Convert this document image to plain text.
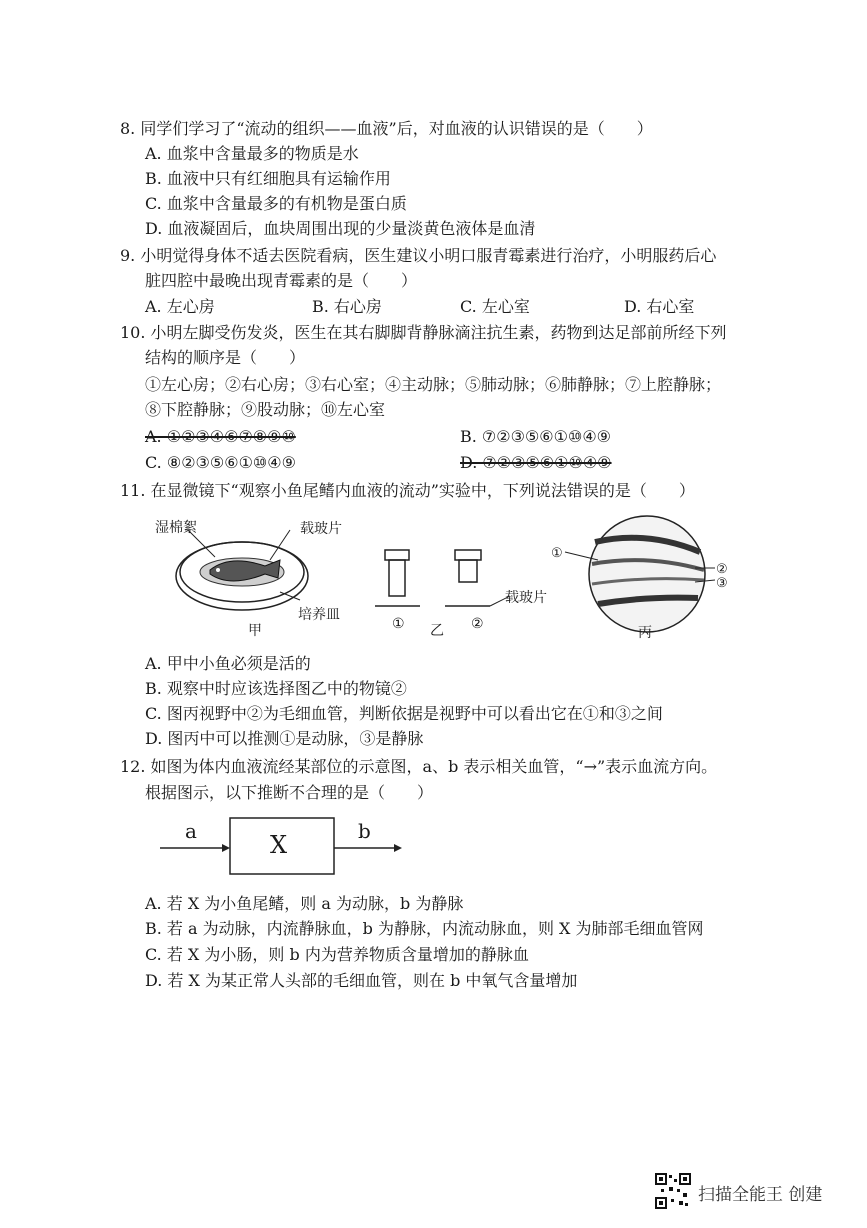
8. 同学们学习了“流动的组织——血液”后，对血液的认识错误的是（　　）
A. 血浆中含量最多的物质是水
B. 血液中只有红细胞具有运输作用
C. 血浆中含量最多的有机物是蛋白质
D. 血液凝固后，血块周围出现的少量淡黄色液体是血清
9. 小明觉得身体不适去医院看病，医生建议小明口服青霉素进行治疗，小明服药后心
脏四腔中最晚出现青霉素的是（　　）
A. 左心房	B. 右心房	C. 左心室	D. 右心室
10. 小明左脚受伤发炎，医生在其右脚脚背静脉滴注抗生素，药物到达足部前所经下列
结构的顺序是（　　）
①左心房；②右心房；③右心室；④主动脉；⑤肺动脉；⑥肺静脉；⑦上腔静脉；
⑧下腔静脉；⑨股动脉；⑩左心室
A. ①②③④⑥⑦⑧⑨⑩	B. ⑦②③⑤⑥①⑩④⑨
C. ⑧②③⑤⑥①⑩④⑨	D. ⑦②③⑤⑥①⑩④⑨
11. 在显微镜下“观察小鱼尾鳍内血液的流动”实验中，下列说法错误的是（　　）
湿棉絮	载玻片
培养皿
甲	① 乙 ②
载玻片
丙
①
②
③
A. 甲中小鱼必须是活的
B. 观察中时应该选择图乙中的物镜②
C. 图丙视野中②为毛细血管，判断依据是视野中可以看出它在①和③之间
D. 图丙中可以推测①是动脉，③是静脉
12. 如图为体内血液流经某部位的示意图，a、b 表示相关血管，“→”表示血流方向。
根据图示，以下推断不合理的是（　　）
a	X	b
A. 若 X 为小鱼尾鳍，则 a 为动脉，b 为静脉
B. 若 a 为动脉，内流静脉血，b 为静脉，内流动脉血，则 X 为肺部毛细血管网
C. 若 X 为小肠，则 b 内为营养物质含量增加的静脉血
D. 若 X 为某正常人头部的毛细血管，则在 b 中氧气含量增加
扫描全能王 创建
